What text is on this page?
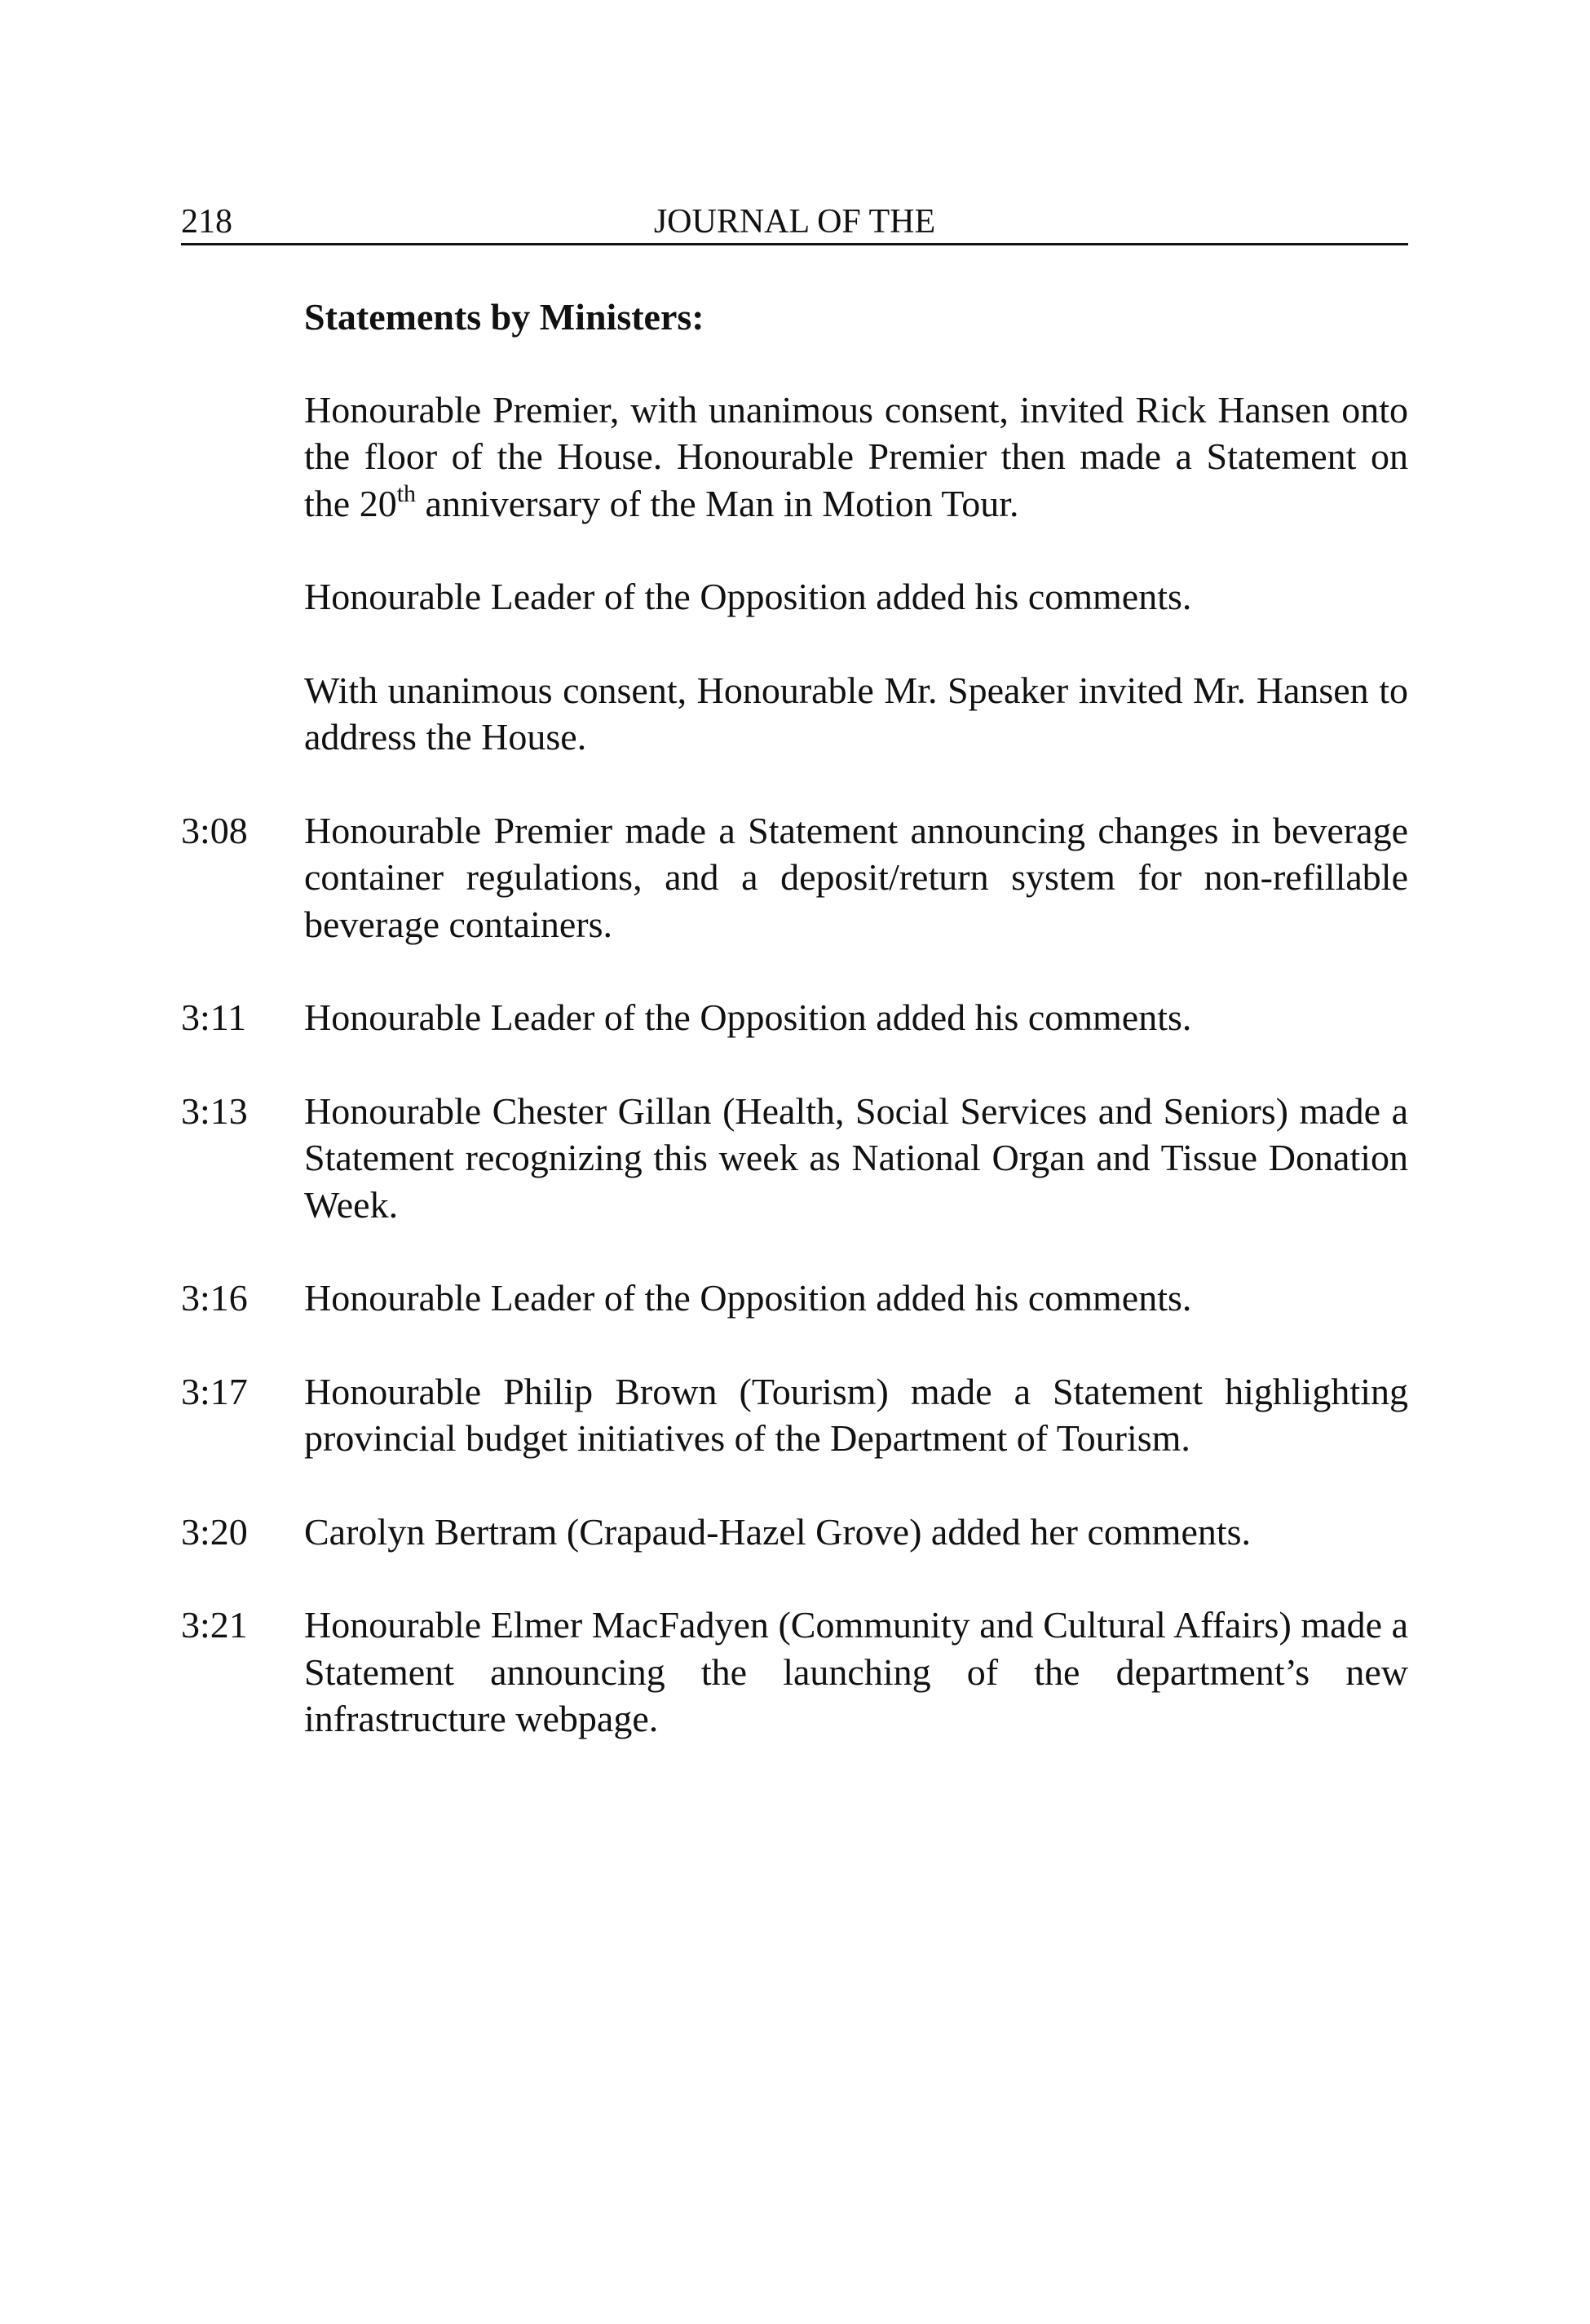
218	JOURNAL OF THE
Statements by Ministers:
Honourable Premier, with unanimous consent, invited Rick Hansen onto the floor of the House. Honourable Premier then made a Statement on the 20th anniversary of the Man in Motion Tour.
Honourable Leader of the Opposition added his comments.
With unanimous consent, Honourable Mr. Speaker invited Mr. Hansen to address the House.
3:08	Honourable Premier made a Statement announcing changes in beverage container regulations, and a deposit/return system for non-refillable beverage containers.
3:11	Honourable Leader of the Opposition added his comments.
3:13	Honourable Chester Gillan (Health, Social Services and Seniors) made a Statement recognizing this week as National Organ and Tissue Donation Week.
3:16	Honourable Leader of the Opposition added his comments.
3:17	Honourable Philip Brown (Tourism) made a Statement highlighting provincial budget initiatives of the Department of Tourism.
3:20	Carolyn Bertram (Crapaud-Hazel Grove) added her comments.
3:21	Honourable Elmer MacFadyen (Community and Cultural Affairs) made a Statement announcing the launching of the department’s new infrastructure webpage.
